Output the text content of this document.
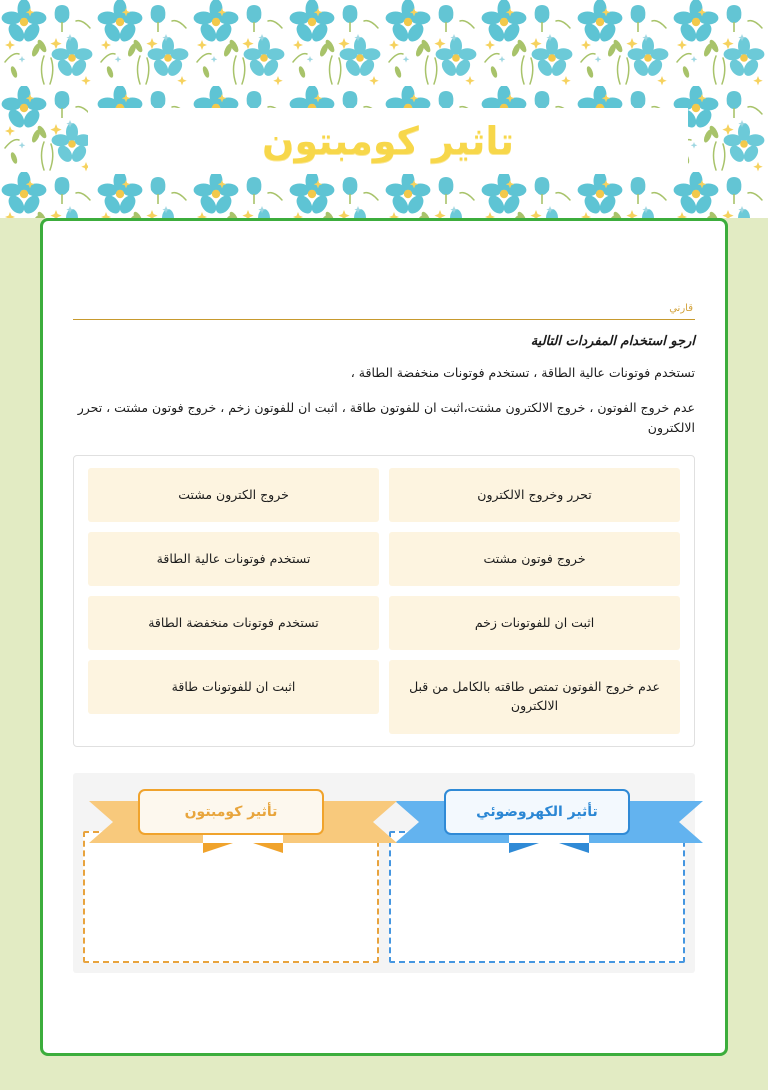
تاثير كومبتون
قارني

ارجو استخدام المفردات التالية

تستخدم فوتونات عالية الطاقة ، تستخدم فوتونات منخفضة الطاقة ،

عدم خروج الفوتون ، خروج الالكترون مشتت،اثبت ان للفوتون طاقة ، اثبت ان للفوتون زخم ، خروج فوتون مشتت ، تحرر الالكترون

تحرر وخروج الالكترون
خروج فوتون مشتت
اثبت ان للفوتونات زخم
عدم خروج الفوتون تمتص طاقته بالكامل من قبل الالكترون
خروج الكترون مشتت
تستخدم فوتونات عالية الطاقة
تستخدم فوتونات منخفضة الطاقة
اثبت ان للفوتونات طاقة
تأثير الكهروضوئي
تأثير كومبتون
